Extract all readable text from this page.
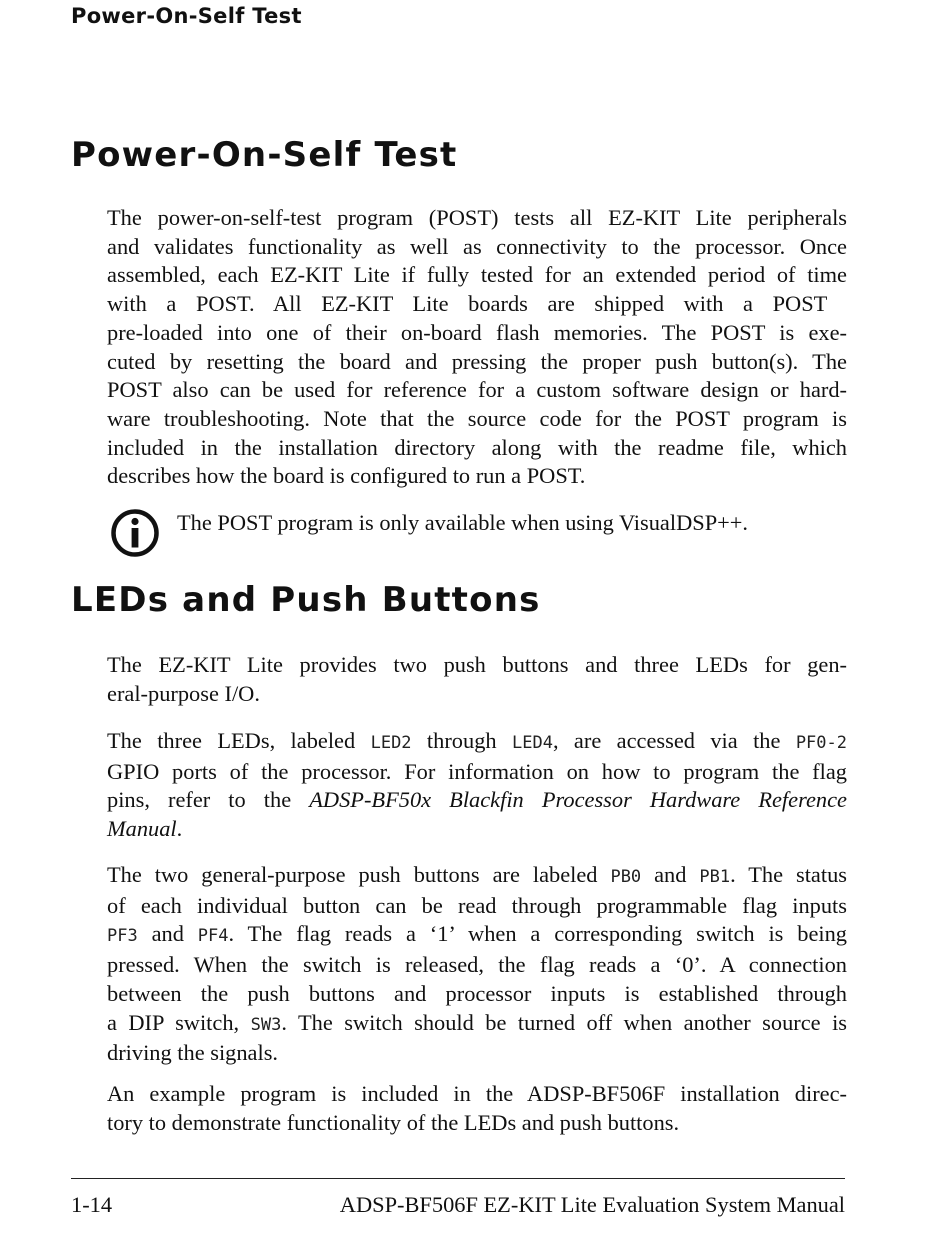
Power-On-Self Test
Power-On-Self Test
The power-on-self-test program (POST) tests all EZ-KIT Lite peripherals
and validates functionality as well as connectivity to the processor. Once
assembled, each EZ-KIT Lite if fully tested for an extended period of time
with a POST. All EZ-KIT Lite boards are shipped with a POST
pre-loaded into one of their on-board flash memories. The POST is exe-
cuted by resetting the board and pressing the proper push button(s). The
POST also can be used for reference for a custom software design or hard-
ware troubleshooting. Note that the source code for the POST program is
included in the installation directory along with the readme file, which
describes how the board is configured to run a POST.

The POST program is only available when using VisualDSP++.

LEDs and Push Buttons
The EZ-KIT Lite provides two push buttons and three LEDs for gen-
eral-purpose I/O.
The three LEDs, labeled LED2 through LED4, are accessed via the PF0-2
GPIO ports of the processor. For information on how to program the flag
pins, refer to the ADSP-BF50x Blackfin Processor Hardware Reference
Manual.
The two general-purpose push buttons are labeled PB0 and PB1. The status
of each individual button can be read through programmable flag inputs
PF3 and PF4. The flag reads a ‘1’ when a corresponding switch is being
pressed. When the switch is released, the flag reads a ‘0’. A connection
between the push buttons and processor inputs is established through
a DIP switch, SW3. The switch should be turned off when another source is
driving the signals.
An example program is included in the ADSP-BF506F installation direc-
tory to demonstrate functionality of the LEDs and push buttons.
1-14	ADSP-BF506F EZ-KIT Lite Evaluation System Manual
